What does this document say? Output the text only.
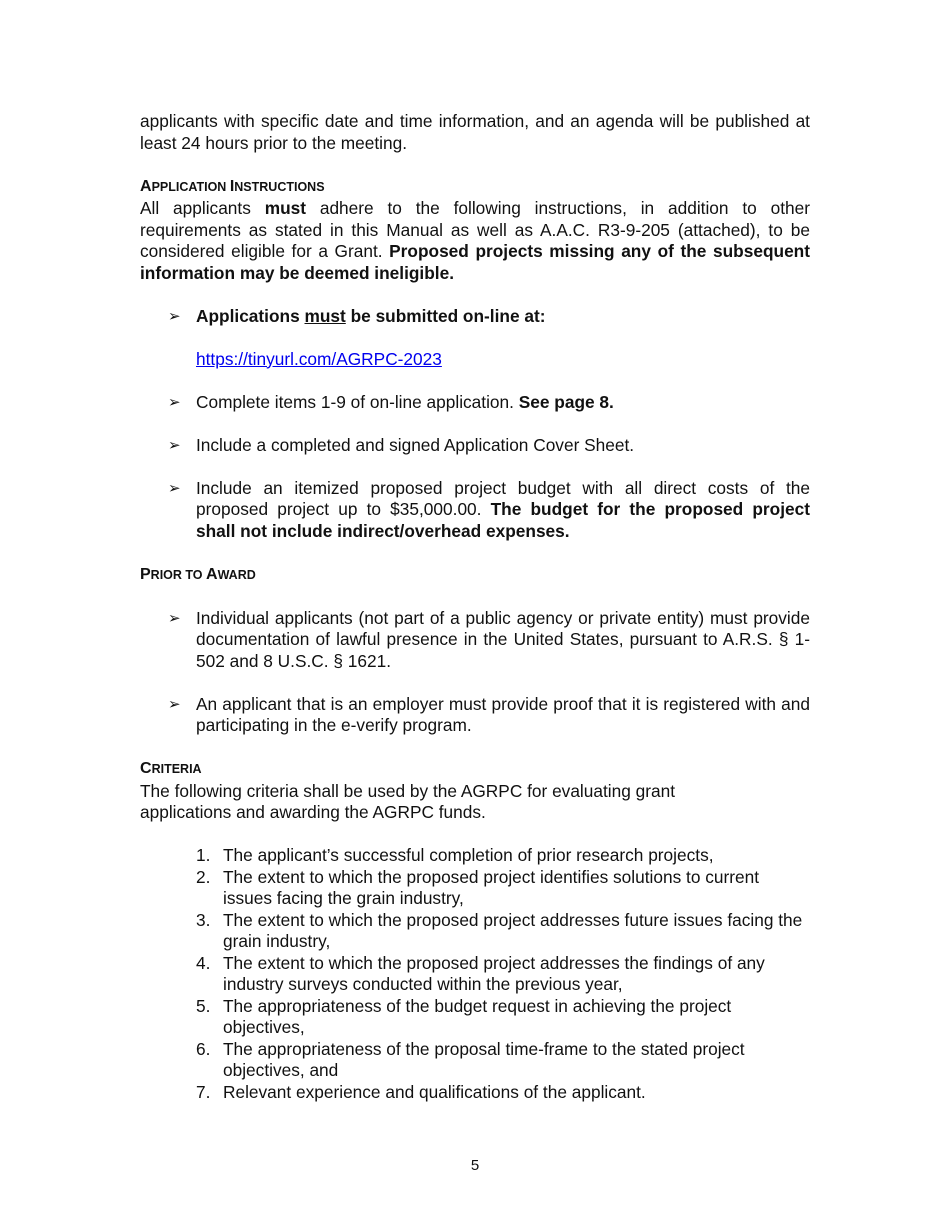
applicants with specific date and time information, and an agenda will be published at least 24 hours prior to the meeting.

APPLICATION INSTRUCTIONS

All applicants must adhere to the following instructions, in addition to other requirements as stated in this Manual as well as A.A.C. R3-9-205 (attached), to be considered eligible for a Grant. Proposed projects missing any of the subsequent information may be deemed ineligible.

➢ Applications must be submitted on-line at:
https://tinyurl.com/AGRPC-2023
➢ Complete items 1-9 of on-line application. See page 8.
➢ Include a completed and signed Application Cover Sheet.
➢ Include an itemized proposed project budget with all direct costs of the proposed project up to $35,000.00. The budget for the proposed project shall not include indirect/overhead expenses.

PRIOR TO AWARD

➢ Individual applicants (not part of a public agency or private entity) must provide documentation of lawful presence in the United States, pursuant to A.R.S. § 1-502 and 8 U.S.C. § 1621.
➢ An applicant that is an employer must provide proof that it is registered with and participating in the e-verify program.

CRITERIA

The following criteria shall be used by the AGRPC for evaluating grant applications and awarding the AGRPC funds.

1. The applicant’s successful completion of prior research projects,
2. The extent to which the proposed project identifies solutions to current issues facing the grain industry,
3. The extent to which the proposed project addresses future issues facing the grain industry,
4. The extent to which the proposed project addresses the findings of any industry surveys conducted within the previous year,
5. The appropriateness of the budget request in achieving the project objectives,
6. The appropriateness of the proposal time-frame to the stated project objectives, and
7. Relevant experience and qualifications of the applicant.
5
